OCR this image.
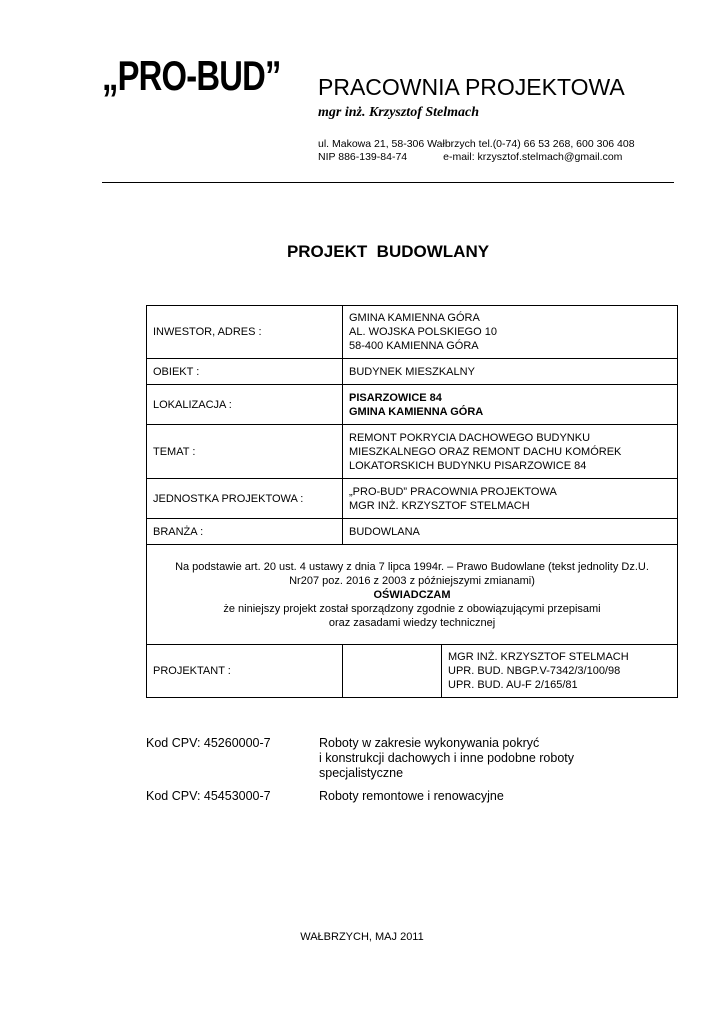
„PRO-BUD” PRACOWNIA PROJEKTOWA
mgr inż. Krzysztof Stelmach
ul. Makowa 21, 58-306 Wałbrzych tel.(0-74) 66 53 268, 600 306 408
NIP 886-139-84-74	e-mail: krzysztof.stelmach@gmail.com
PROJEKT  BUDOWLANY
INWESTOR, ADRES :	
GMINA KAMIENNA GÓRA
AL. WOJSKA POLSKIEGO 10
58-400 KAMIENNA GÓRA

OBIEKT :	BUDYNEK MIESZKALNY
LOKALIZACJA :	
PISARZOWICE 84
GMINA KAMIENNA GÓRA

TEMAT :	
REMONT POKRYCIA DACHOWEGO BUDYNKU
MIESZKALNEGO ORAZ REMONT DACHU KOMÓREK
LOKATORSKICH BUDYNKU PISARZOWICE 84

JEDNOSTKA PROJEKTOWA :	
„PRO-BUD” PRACOWNIA PROJEKTOWA
MGR INŻ. KRZYSZTOF STELMACH

BRANŻA :	BUDOWLANA

Na podstawie art. 20 ust. 4 ustawy z dnia 7 lipca 1994r. – Prawo Budowlane (tekst jednolity Dz.U.
Nr207 poz. 2016 z 2003 z późniejszymi zmianami)
OŚWIADCZAM
że niniejszy projekt został sporządzony zgodnie z obowiązującymi przepisami
oraz zasadami wiedzy technicznej

PROJEKTANT :		
MGR INŻ. KRZYSZTOF STELMACH
UPR. BUD. NBGP.V-7342/3/100/98
UPR. BUD. AU-F 2/165/81
Kod CPV: 45260000-7	Roboty w zakresie wykonywania pokryć
i konstrukcji dachowych i inne podobne roboty
specjalistyczne
Kod CPV: 45453000-7	Roboty remontowe i renowacyjne
WAŁBRZYCH, MAJ 2011
